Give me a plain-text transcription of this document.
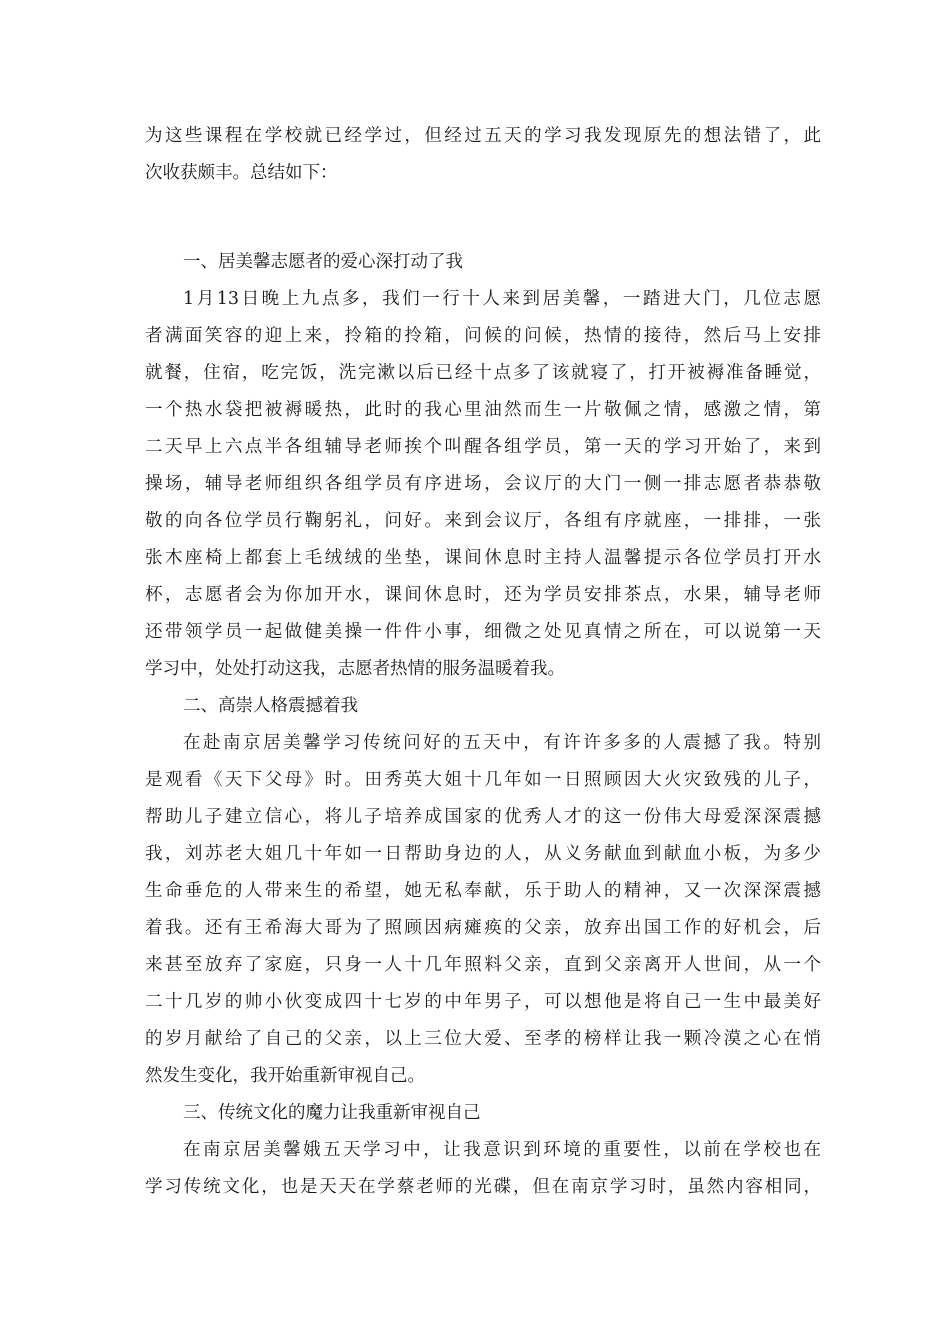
为这些课程在学校就已经学过，但经过五天的学习我发现原先的想法错了，此
次收获颇丰。总结如下：
一、居美馨志愿者的爱心深打动了我
1月13日晚上九点多，我们一行十人来到居美馨，一踏进大门，几位志愿
者满面笑容的迎上来，拎箱的拎箱，问候的问候，热情的接待，然后马上安排
就餐，住宿，吃完饭，洗完漱以后已经十点多了该就寝了，打开被褥准备睡觉，
一个热水袋把被褥暖热，此时的我心里油然而生一片敬佩之情，感激之情，第
二天早上六点半各组辅导老师挨个叫醒各组学员，第一天的学习开始了，来到
操场，辅导老师组织各组学员有序进场，会议厅的大门一侧一排志愿者恭恭敬
敬的向各位学员行鞠躬礼，问好。来到会议厅，各组有序就座，一排排，一张
张木座椅上都套上毛绒绒的坐垫，课间休息时主持人温馨提示各位学员打开水
杯，志愿者会为你加开水，课间休息时，还为学员安排茶点，水果，辅导老师
还带领学员一起做健美操一件件小事，细微之处见真情之所在，可以说第一天
学习中，处处打动这我，志愿者热情的服务温暖着我。
二、高崇人格震撼着我
在赴南京居美馨学习传统问好的五天中，有许许多多的人震撼了我。特别
是观看《天下父母》时。田秀英大姐十几年如一日照顾因大火灾致残的儿子，
帮助儿子建立信心，将儿子培养成国家的优秀人才的这一份伟大母爱深深震撼
我，刘苏老大姐几十年如一日帮助身边的人，从义务献血到献血小板，为多少
生命垂危的人带来生的希望，她无私奉献，乐于助人的精神，又一次深深震撼
着我。还有王希海大哥为了照顾因病瘫痪的父亲，放弃出国工作的好机会，后
来甚至放弃了家庭，只身一人十几年照料父亲，直到父亲离开人世间，从一个
二十几岁的帅小伙变成四十七岁的中年男子，可以想他是将自己一生中最美好
的岁月献给了自己的父亲，以上三位大爱、至孝的榜样让我一颗冷漠之心在悄
然发生变化，我开始重新审视自己。
三、传统文化的魔力让我重新审视自己
在南京居美馨娥五天学习中，让我意识到环境的重要性，以前在学校也在
学习传统文化，也是天天在学蔡老师的光碟，但在南京学习时，虽然内容相同，
